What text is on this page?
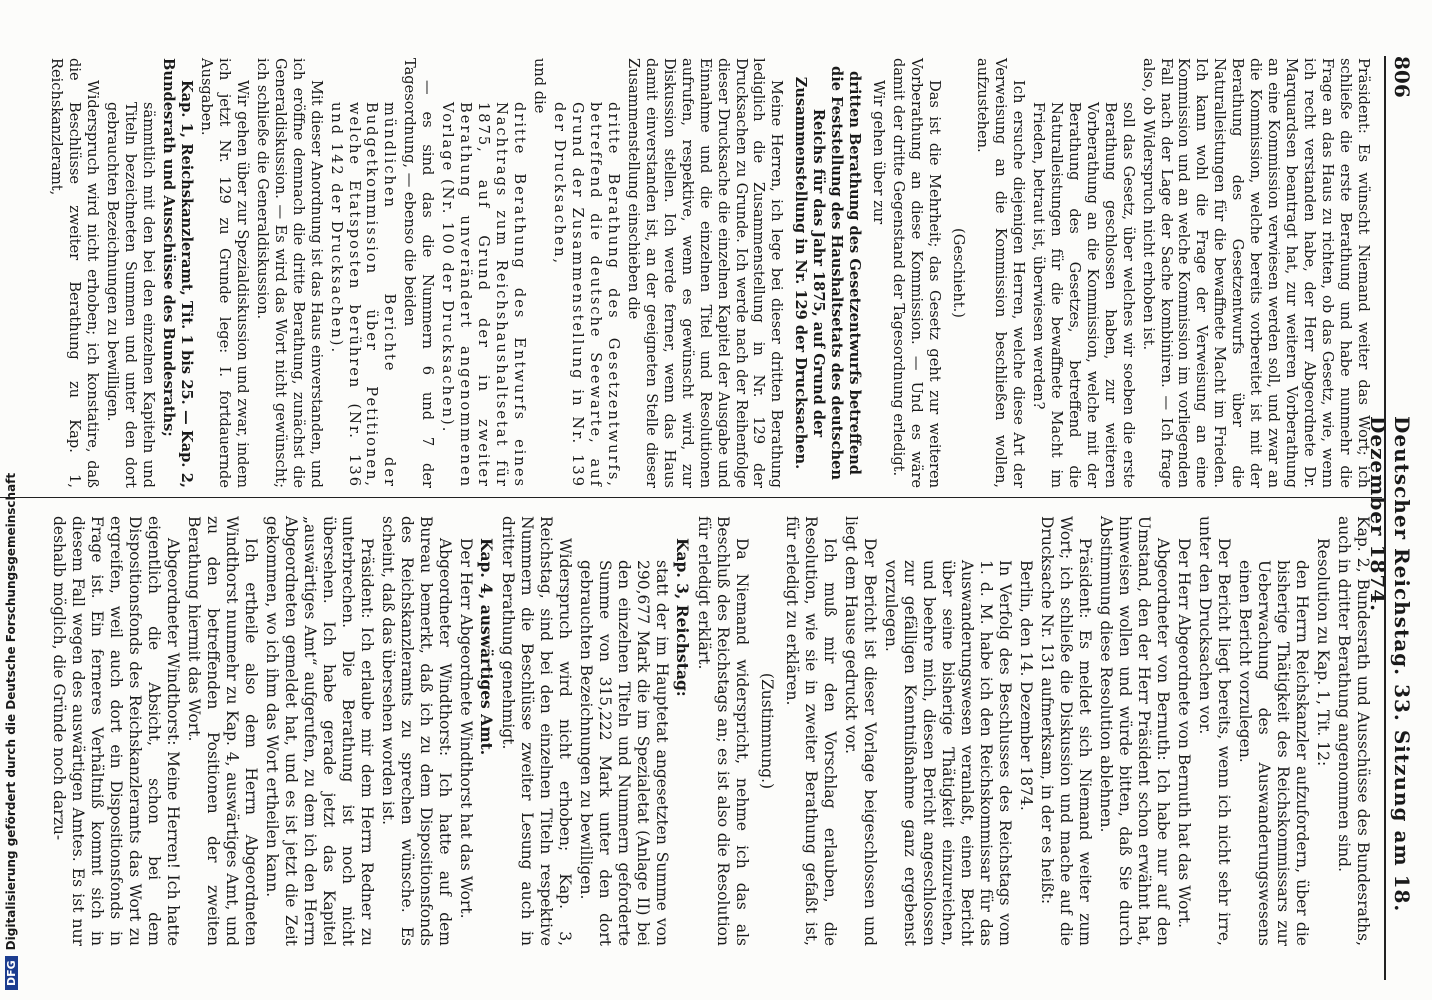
806
Deutscher Reichstag. 33. Sitzung am 18. Dezember 1874.

Präsident: Es wünscht Niemand weiter das Wort; ich schließe die erste Berathung und habe nunmehr die Frage an das Haus zu richten, ob das Gesetz, wie, wenn ich recht verstanden habe, der Herr Abgeordnete Dr. Marquardsen beantragt hat, zur weiteren Vorberathung an eine Kommission verwiesen werden soll, und zwar an die Kommission, welche bereits vorbereitet ist mit der Berathung des Gesetzentwurfs über die Naturalleistungen für die bewaffnete Macht im Frieden. Ich kann wohl die Frage der Verweisung an eine Kommission und an welche Kommission im vorliegenden Fall nach der Lage der Sache kombiniren. — Ich frage also, ob Widerspruch nicht erhoben ist.

soll das Gesetz, über welches wir soeben die erste Berathung geschlossen haben, zur weiteren Vorberathung an die Kommission, welche mit der Berathung des Gesetzes, betreffend die Naturalleistungen für die bewaffnete Macht im Frieden, betraut ist, überwiesen werden?

Ich ersuche diejenigen Herren, welche diese Art der Verweisung an die Kommission beschließen wollen, aufzustehen.

(Geschieht.)

Das ist die Mehrheit; das Gesetz geht zur weiteren Vorberathung an diese Kommission. — Und es wäre damit der dritte Gegenstand der Tagesordnung erledigt.

Wir gehen über zur

dritten Berathung des Gesetzentwurfs betreffend die Feststellung des Haushaltsetats des deutschen Reichs für das Jahr 1875, auf Grund der Zusammenstellung in Nr. 129 der Drucksachen.

Meine Herren, ich lege bei dieser dritten Berathung lediglich die Zusammenstellung in Nr. 129 der Drucksachen zu Grunde. Ich werde nach der Reihenfolge dieser Drucksache die einzelnen Kapitel der Ausgabe und Einnahme und die einzelnen Titel und Resolutionen aufrufen, respektive, wenn es gewünscht wird, zur Diskussion stellen. Ich werde ferner, wenn das Haus damit einverstanden ist, an der geeigneten Stelle dieser Zusammenstellung einschieben die

dritte Berathung des Gesetzentwurfs, betreffend die deutsche Seewarte, auf Grund der Zusammenstellung in Nr. 139 der Drucksachen,

und die

dritte Berathung des Entwurfs eines Nachtrags zum Reichshaushaltsetat für 1875, auf Grund der in zweiter Berathung unverändert angenommenen Vorlage (Nr. 100 der Drucksachen).

— es sind das die Nummern 6 und 7 der Tagesordnung, — ebenso die beiden

mündlichen Berichte der Budgetkommission über Petitionen, welche Etatsposten berühren (Nr. 136 und 142 der Drucksachen).

Mit dieser Anordnung ist das Haus einverstanden, und ich eröffne demnach die dritte Berathung, zunächst die Generaldiskussion. — Es wird das Wort nicht gewünscht; ich schließe die Generaldiskussion.

Wir gehen über zur Spezialdiskussion und zwar, indem ich jetzt Nr. 129 zu Grunde lege: I. fortdauernde Ausgaben.

Kap. 1, Reichskanzleramt, Tit. 1 bis 25. — Kap. 2, Bundesrath und Ausschüsse des Bundesraths;

sämmtlich mit den bei den einzelnen Kapiteln und Titeln bezeichneten Summen und unter den dort gebrauchten Bezeichnungen zu bewilligen.

Widerspruch wird nicht erhoben; ich konstatire, daß die Beschlüsse zweiter Berathung zu Kap. 1, Reichskanzleramt,

Kap. 2, Bundesrath und Ausschüsse des Bundesraths, auch in dritter Berathung angenommen sind.

Resolution zu Kap. 1, Tit. 12:

den Herrn Reichskanzler aufzufordern, über die bisherige Thätigkeit des Reichskommissars zur Ueberwachung des Auswanderungswesens einen Bericht vorzulegen.

Der Bericht liegt bereits, wenn ich nicht sehr irre, unter den Drucksachen vor.

Der Herr Abgeordnete von Bernuth hat das Wort.

Abgeordneter von Bernuth: Ich habe nur auf den Umstand, den der Herr Präsident schon erwähnt hat, hinweisen wollen und würde bitten, daß Sie durch Abstimmung diese Resolution ablehnen.

Präsident: Es meldet sich Niemand weiter zum Wort; ich schließe die Diskussion und mache auf die Drucksache Nr. 131 aufmerksam, in der es heißt:

Berlin, den 14. Dezember 1874.

In Verfolg des Beschlusses des Reichstags vom 1. d. M. habe ich den Reichskommissar für das Auswanderungswesen veranlaßt, einen Bericht über seine bisherige Thätigkeit einzureichen, und beehre mich, diesen Bericht angeschlossen zur gefälligen Kenntnißnahme ganz ergebenst vorzulegen.

Der Bericht ist dieser Vorlage beigeschlossen und liegt dem Hause gedruckt vor.

Ich muß mir den Vorschlag erlauben, die Resolution, wie sie in zweiter Berathung gefaßt ist, für erledigt zu erklären.

(Zustimmung.)

Da Niemand widerspricht, nehme ich das als Beschluß des Reichstags an; es ist also die Resolution für erledigt erklärt.

Kap. 3, Reichstag:

statt der im Hauptetat angesetzten Summe von 290,677 Mark die im Spezialetat (Anlage II) bei den einzelnen Titeln und Nummern geforderte Summe von 315,222 Mark unter den dort gebrauchten Bezeichnungen zu bewilligen.

Widerspruch wird nicht erhoben; Kap. 3, Reichstag, sind bei den einzelnen Titeln respektive Nummern die Beschlüsse zweiter Lesung auch in dritter Berathung genehmigt.

Kap. 4, auswärtiges Amt.

Der Herr Abgeordnete Windthorst hat das Wort.

Abgeordneter Windthorst: Ich hatte auf dem Bureau bemerkt, daß ich zu dem Dispositionsfonds des Reichskanzleramts zu sprechen wünsche. Es scheint, daß das übersehen worden ist.

Präsident: Ich erlaube mir dem Herrn Redner zu unterbrechen. Die Berathung ist noch nicht übersehen. Ich habe gerade jetzt das Kapitel „auswärtiges Amt“ aufgerufen, zu dem ich den Herrn Abgeordneten gemeldet hat, und es ist jetzt die Zeit gekommen, wo ich ihm das Wort ertheilen kann.

Ich ertheile also dem Herrn Abgeordneten Windthorst nunmehr zu Kap. 4, auswärtiges Amt, und zu den betreffenden Positionen der zweiten Berathung hiermit das Wort.

Abgeordneter Windthorst: Meine Herren! Ich hatte eigentlich die Absicht, schon bei dem Dispositionsfonds des Reichskanzleramts das Wort zu ergreifen, weil auch dort ein Dispositionsfonds in Frage ist. Ein ferneres Verhältniß kommt sich in diesem Fall wegen des auswärtigen Amtes. Es ist nur deshalb möglich, die Gründe noch darzu-

DFGDigitalisierung gefördert durch die Deutsche Forschungsgemeinschaft
